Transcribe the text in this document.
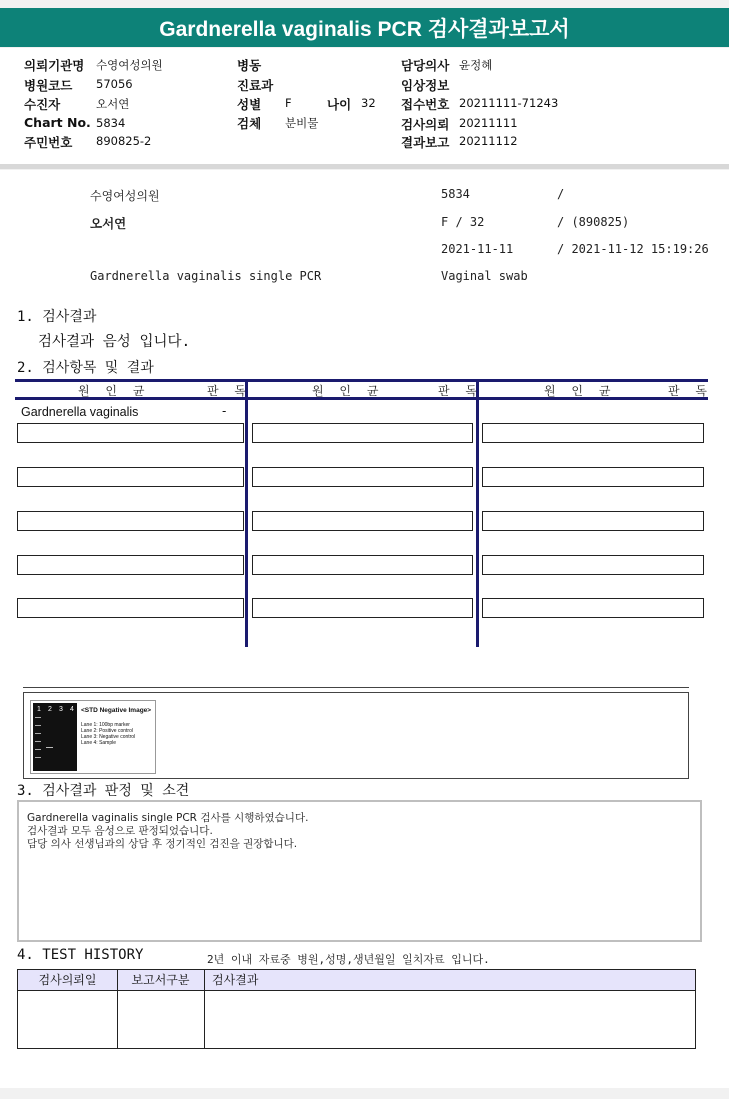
Gardnerella vaginalis PCR 검사결과보고서
의뢰기관명 수영여성의원
병원코드 57056
수진자	오서연
Chart No. 5834
주민번호 890825-2
병동
진료과
성별 F	나이 32
검체 분비물
담당의사 윤정혜
임상정보
접수번호 20211111-71243
검사의뢰 20211111
결과보고 20211112
수영여성의원	5834	/
오서연	F / 32	/ (890825)
2021-11-11	/ 2021-11-12 15:19:26
Gardnerella vaginalis single PCR	Vaginal swab
1. 검사결과
검사결과 음성 입니다.
2. 검사항목 및 결과
원 인 균	판 독	원 인 균	판 독	원 인 균	판 독
Gardnerella vaginalis	-
1 2 3 4 <STD Negative Image>
Lane 1: 100bp marker
Lane 2: Positive control
Lane 3: Negative control
Lane 4: Sample
3. 검사결과 판정 및 소견
Gardnerella vaginalis single PCR 검사를 시행하였습니다.
검사결과 모두 음성으로 판정되었습니다.
담당 의사 선생님과의 상담 후 정기적인 검진을 권장합니다.
4. TEST HISTORY	2년 이내 자료중 병원,성명,생년월일 일치자료 입니다.
검사의뢰일	보고서구분	검사결과
